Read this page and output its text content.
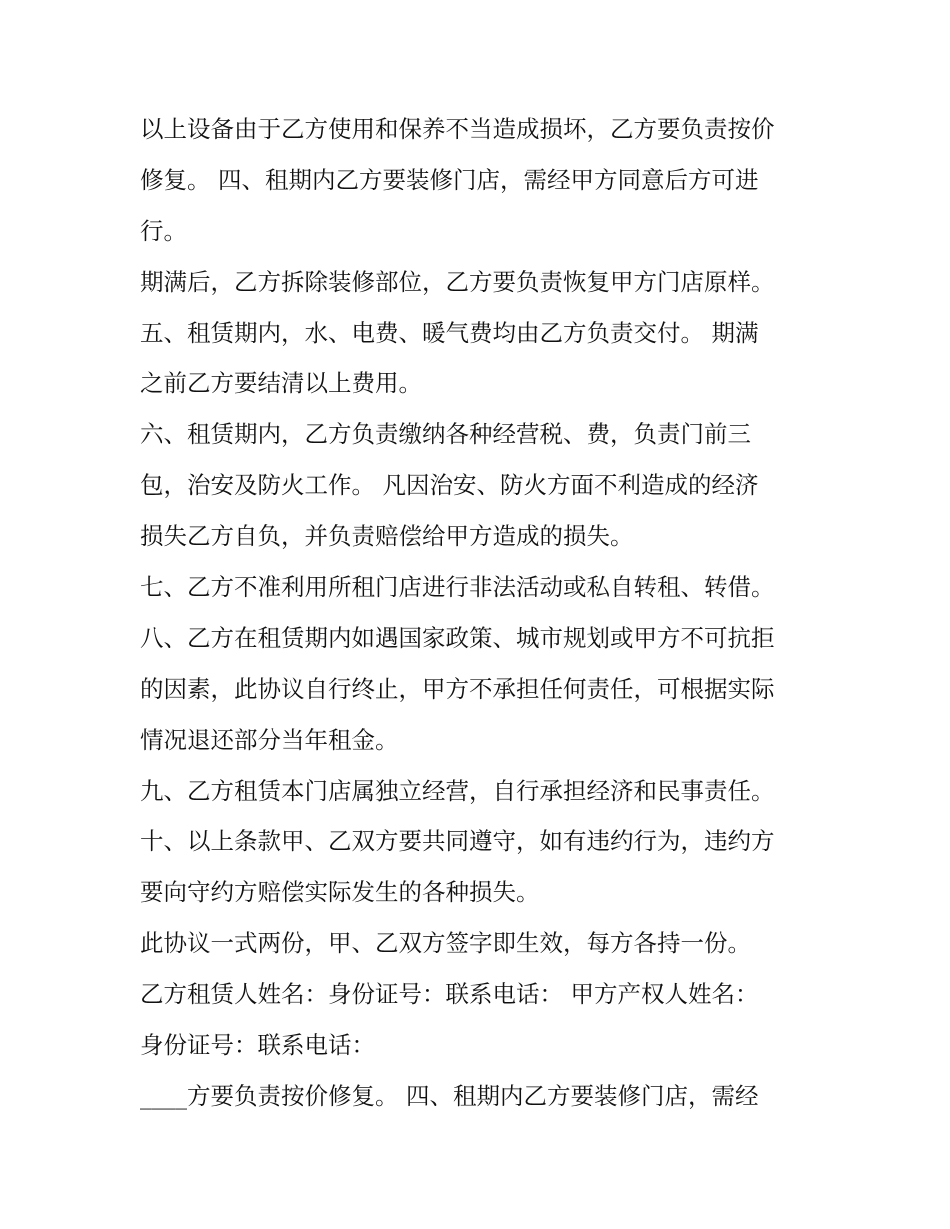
以上设备由于乙方使用和保养不当造成损坏，乙方要负责按价
修复。 四、租期内乙方要装修门店，需经甲方同意后方可进
行。
期满后，乙方拆除装修部位，乙方要负责恢复甲方门店原样。
五、租赁期内，水、电费、暖气费均由乙方负责交付。 期满
之前乙方要结清以上费用。
六、租赁期内，乙方负责缴纳各种经营税、费，负责门前三
包，治安及防火工作。 凡因治安、防火方面不利造成的经济
损失乙方自负，并负责赔偿给甲方造成的损失。
七、乙方不准利用所租门店进行非法活动或私自转租、转借。
八、乙方在租赁期内如遇国家政策、城市规划或甲方不可抗拒
的因素，此协议自行终止，甲方不承担任何责任，可根据实际
情况退还部分当年租金。
九、乙方租赁本门店属独立经营，自行承担经济和民事责任。
十、以上条款甲、乙双方要共同遵守，如有违约行为，违约方
要向守约方赔偿实际发生的各种损失。
此协议一式两份，甲、乙双方签字即生效，每方各持一份。
乙方租赁人姓名：身份证号：联系电话： 甲方产权人姓名：
身份证号：联系电话：
____方要负责按价修复。 四、租期内乙方要装修门店，需经
